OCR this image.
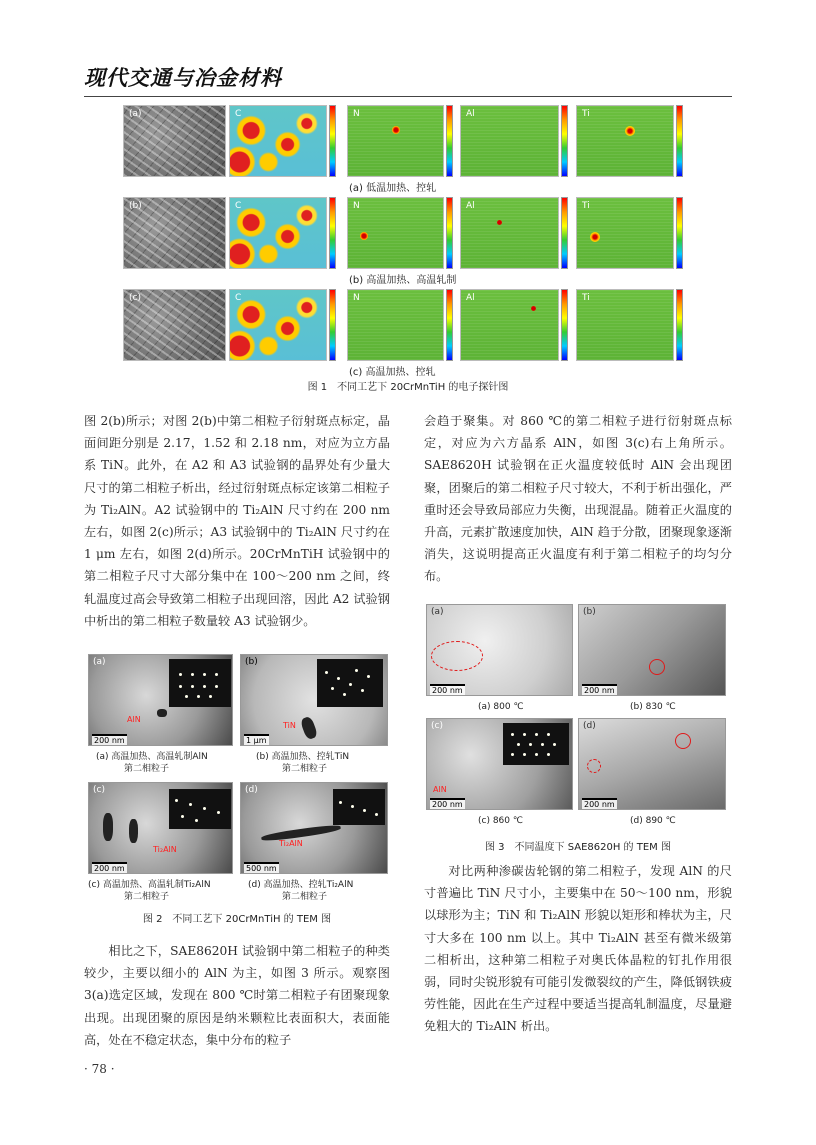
现代交通与冶金材料
(a)	C	N	Al	Ti
(a) 低温加热、控轧
(b)	C	N	Al	Ti
(b) 高温加热、高温轧制
(c)	C	N	Al	Ti
(c) 高温加热、控轧
图 1　不同工艺下 20CrMnTiH 的电子探针图

图 2(b)所示；对图 2(b)中第二相粒子衍射斑点标定，晶面间距分别是 2.17，1.52 和 2.18 nm，对应为立方晶系 TiN。此外，在 A2 和 A3 试验钢的晶界处有少量大尺寸的第二相粒子析出，经过衍射斑点标定该第二相粒子为 Ti₂AlN。A2 试验钢中的 Ti₂AlN 尺寸约在 200 nm 左右，如图 2(c)所示；A3 试验钢中的 Ti₂AlN 尺寸约在 1 μm 左右，如图 2(d)所示。20CrMnTiH 试验钢中的第二相粒子尺寸大部分集中在 100～200 nm 之间，终轧温度过高会导致第二相粒子出现回溶，因此 A2 试验钢中析出的第二相粒子数量较 A3 试验钢少。

会趋于聚集。对 860 ℃的第二相粒子进行衍射斑点标定，对应为六方晶系 AlN，如图 3(c)右上角所示。SAE8620H 试验钢在正火温度较低时 AlN 会出现团聚，团聚后的第二相粒子尺寸较大，不利于析出强化，严重时还会导致局部应力失衡，出现混晶。随着正火温度的升高，元素扩散速度加快，AlN 趋于分散，团聚现象逐渐消失，这说明提高正火温度有利于第二相粒子的均匀分布。

(a)
AlN
200 nm
(b)
TiN
1 μm
(a) 高温加热、高温轧制AlN
第二相粒子
(b) 高温加热、控轧TiN
第二相粒子
(c)
Ti₂AlN
200 nm
(d)
Ti₂AlN
500 nm
(c) 高温加热、高温轧制Ti₂AlN
第二相粒子
(d) 高温加热、控轧Ti₂AlN
第二相粒子
图 2　不同工艺下 20CrMnTiH 的 TEM 图

相比之下，SAE8620H 试验钢中第二相粒子的种类较少，主要以细小的 AlN 为主，如图 3 所示。观察图 3(a)选定区域，发现在 800 ℃时第二相粒子有团聚现象出现。出现团聚的原因是纳米颗粒比表面积大，表面能高，处在不稳定状态，集中分布的粒子

(a)
200 nm
(b)
200 nm
(a) 800 ℃	(b) 830 ℃
(c)
AlN
200 nm
(d)
200 nm
(c) 860 ℃	(d) 890 ℃
图 3　不同温度下 SAE8620H 的 TEM 图

对比两种渗碳齿轮钢的第二相粒子，发现 AlN 的尺寸普遍比 TiN 尺寸小，主要集中在 50～100 nm，形貌以球形为主；TiN 和 Ti₂AlN 形貌以矩形和棒状为主，尺寸大多在 100 nm 以上。其中 Ti₂AlN 甚至有微米级第二相析出，这种第二相粒子对奥氏体晶粒的钉扎作用很弱，同时尖锐形貌有可能引发微裂纹的产生，降低钢铁疲劳性能，因此在生产过程中要适当提高轧制温度，尽量避免粗大的 Ti₂AlN 析出。

· 78 ·
